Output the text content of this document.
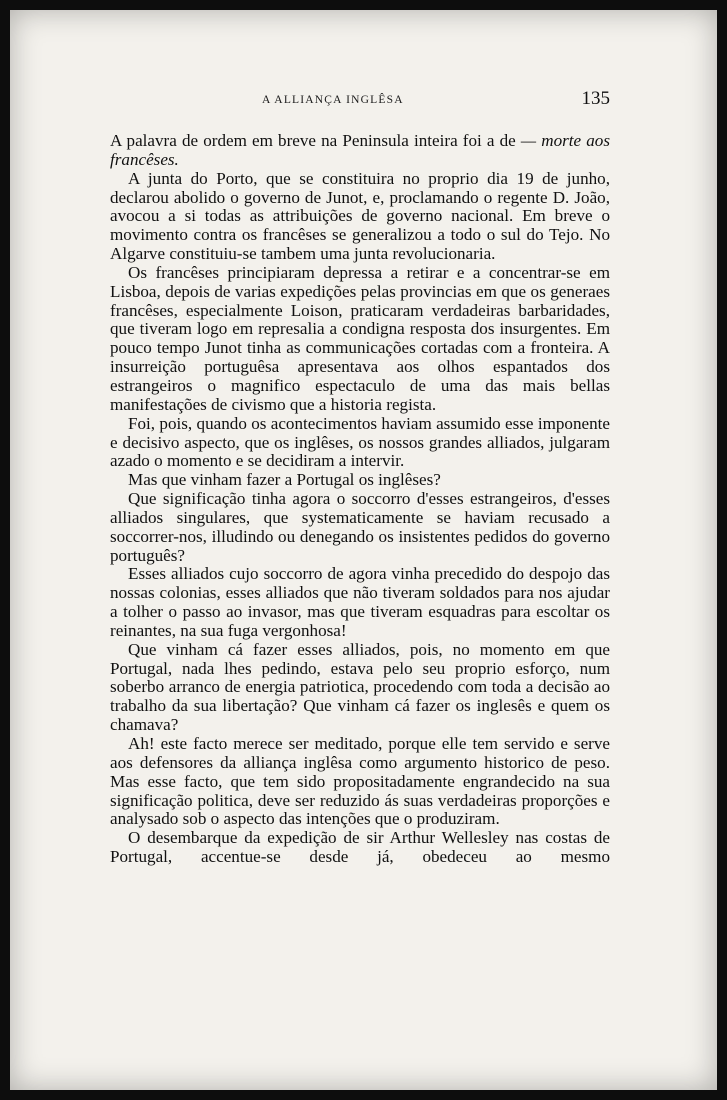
A ALLIANÇA INGLÊSA	135

A palavra de ordem em breve na Peninsula inteira foi a de — morte aos francêses.

A junta do Porto, que se constituira no proprio dia 19 de junho, declarou abolido o governo de Junot, e, proclamando o regente D. João, avocou a si todas as attribuições de governo nacional. Em breve o movimento contra os francêses se generalizou a todo o sul do Tejo. No Algarve constituiu-se tambem uma junta revolucionaria.

Os francêses principiaram depressa a retirar e a concentrar-se em Lisboa, depois de varias expedições pelas provincias em que os generaes francêses, especialmente Loison, praticaram verdadeiras barbaridades, que tiveram logo em represalia a condigna resposta dos insurgentes. Em pouco tempo Junot tinha as communicações cortadas com a fronteira. A insurreição portuguêsa apresentava aos olhos espantados dos estrangeiros o magnifico espectaculo de uma das mais bellas manifestações de civismo que a historia regista.

Foi, pois, quando os acontecimentos haviam assumido esse imponente e decisivo aspecto, que os inglêses, os nossos grandes alliados, julgaram azado o momento e se decidiram a intervir.

Mas que vinham fazer a Portugal os inglêses?

Que significação tinha agora o soccorro d'esses estrangeiros, d'esses alliados singulares, que systematicamente se haviam recusado a soccorrer-nos, illudindo ou denegando os insistentes pedidos do governo português?

Esses alliados cujo soccorro de agora vinha precedido do despojo das nossas colonias, esses alliados que não tiveram soldados para nos ajudar a tolher o passo ao invasor, mas que tiveram esquadras para escoltar os reinantes, na sua fuga vergonhosa!

Que vinham cá fazer esses alliados, pois, no momento em que Portugal, nada lhes pedindo, estava pelo seu proprio esforço, num soberbo arranco de energia patriotica, procedendo com toda a decisão ao trabalho da sua libertação? Que vinham cá fazer os inglesês e quem os chamava?

Ah! este facto merece ser meditado, porque elle tem servido e serve aos defensores da alliança inglêsa como argumento historico de peso. Mas esse facto, que tem sido propositadamente engrandecido na sua significação politica, deve ser reduzido ás suas verdadeiras proporções e analysado sob o aspecto das intenções que o produziram.

O desembarque da expedição de sir Arthur Wellesley nas costas de Portugal, accentue-se desde já, obedeceu ao mesmo
